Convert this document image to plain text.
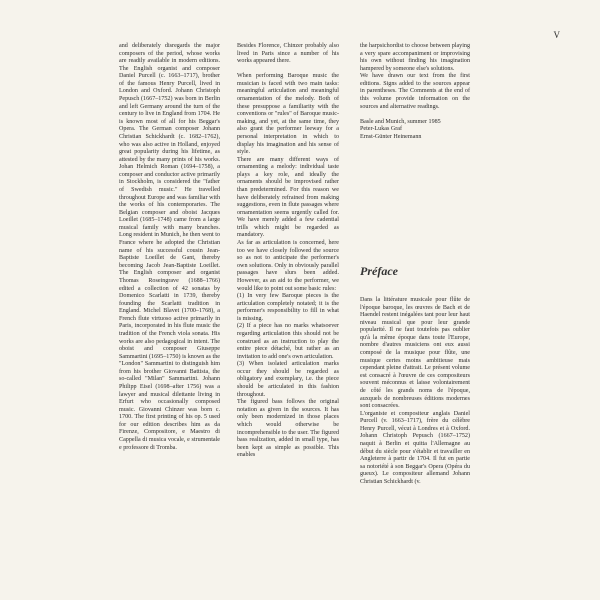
V

and deliberately disregards the major composers of the period, whose works are readily available in modern editions. The English organist and composer Daniel Purcell (c. 1663–1717), brother of the famous Henry Purcell, lived in London and Oxford. Johann Christoph Pepusch (1667–1752) was born in Berlin and left Germany around the turn of the century to live in England from 1704. He is known most of all for his Beggar's Opera. The German composer Johann Christian Schickhardt (c. 1682–1762), who was also active in Holland, enjoyed great popularity during his lifetime, as attested by the many prints of his works. Johan Helmich Roman (1694–1758), a composer and conductor active primarily in Stockholm, is considered the "father of Swedish music." He travelled throughout Europe and was familiar with the works of his contemporaries. The Belgian composer and oboist Jacques Loeillet (1685–1748) came from a large musical family with many branches. Long resident in Munich, he then went to France where he adopted the Christian name of his successful cousin Jean-Baptiste Loeillet de Gant, thereby becoming Jacob Jean-Baptiste Loeillet. The English composer and organist Thomas Roseingrave (1688–1766) edited a collection of 42 sonatas by Domenico Scarlatti in 1739, thereby founding the Scarlatti tradition in England. Michel Blavet (1700–1768), a French flute virtuoso active primarily in Paris, incorporated in his flute music the tradition of the French viola sonata. His works are also pedagogical in intent. The oboist and composer Giuseppe Sammartini (1695–1750) is known as the "London" Sammartini to distinguish him from his brother Giovanni Battista, the so-called "Milan" Sammartini. Johann Philipp Eisel (1698–after 1756) was a lawyer and musical dilettante living in Erfurt who occasionally composed music. Giovanni Chinzer was born c. 1700. The first printing of his op. 5 used for our edition describes him as da Firenze, Compositore, e Maestro di Cappella di musica vocale, e strumentale e professore di Tromba.

Besides Florence, Chinzer probably also lived in Paris since a number of his works appeared there.

When performing Baroque music the musician is faced with two main tasks: meaningful articulation and meaningful ornamentation of the melody. Both of these presuppose a familiarity with the conventions or "rules" of Baroque music-making, and yet, at the same time, they also grant the performer leeway for a personal interpretation in which to display his imagination and his sense of style.

There are many different ways of ornamenting a melody: individual taste plays a key role, and ideally the ornaments should be improvised rather than predetermined. For this reason we have deliberately refrained from making suggestions, even in flute passages where ornamentation seems urgently called for. We have merely added a few cadential trills which might be regarded as mandatory.

As far as articulation is concerned, here too we have closely followed the source so as not to anticipate the performer's own solutions. Only in obviously parallel passages have slurs been added. However, as an aid to the performer, we would like to point out some basic rules:

(1) In very few Baroque pieces is the articulation completely notated; it is the performer's responsibility to fill in what is missing.

(2) If a piece has no marks whatsoever regarding articulation this should not be construed as an instruction to play the entire piece détaché, but rather as an invitation to add one's own articulation.

(3) When isolated articulation marks occur they should be regarded as obligatory and exemplary, i.e. the piece should be articulated in this fashion throughout.

The figured bass follows the original notation as given in the sources. It has only been modernized in those places which would otherwise be incomprehensible to the user. The figured bass realization, added in small type, has been kept as simple as possible. This enables

the harpsichordist to choose between playing a very spare accompaniment or improvising his own without finding his imagination hampered by someone else's solutions.

We have drawn our text from the first editions. Signs added to the sources appear in parentheses. The Comments at the end of this volume provide information on the sources and alternative readings.

Basle and Munich, summer 1985

Peter-Lukas Graf

Ernst-Günter Heinemann

Préface

Dans la littérature musicale pour flûte de l'époque baroque, les œuvres de Bach et de Haendel restent inégalées tant pour leur haut niveau musical que pour leur grande popularité. Il ne faut toutefois pas oublier qu'à la même époque dans toute l'Europe, nombre d'autres musiciens ont eux aussi composé de la musique pour flûte, une musique certes moins ambitieuse mais cependant pleine d'attrait. Le présent volume est consacré à l'œuvre de ces compositeurs souvent méconnus et laisse volontairement de côté les grands noms de l'époque, auxquels de nombreuses éditions modernes sont consacrées.

L'organiste et compositeur anglais Daniel Purcell (v. 1663–1717), frère du célèbre Henry Purcell, vécut à Londres et à Oxford. Johann Christoph Pepusch (1667–1752) naquit à Berlin et quitta l'Allemagne au début du siècle pour s'établir et travailler en Angleterre à partir de 1704. Il fut en partie sa notoriété à son Beggar's Opera (Opéra du gueux). Le compositeur allemand Johann Christian Schickhardt (v.
